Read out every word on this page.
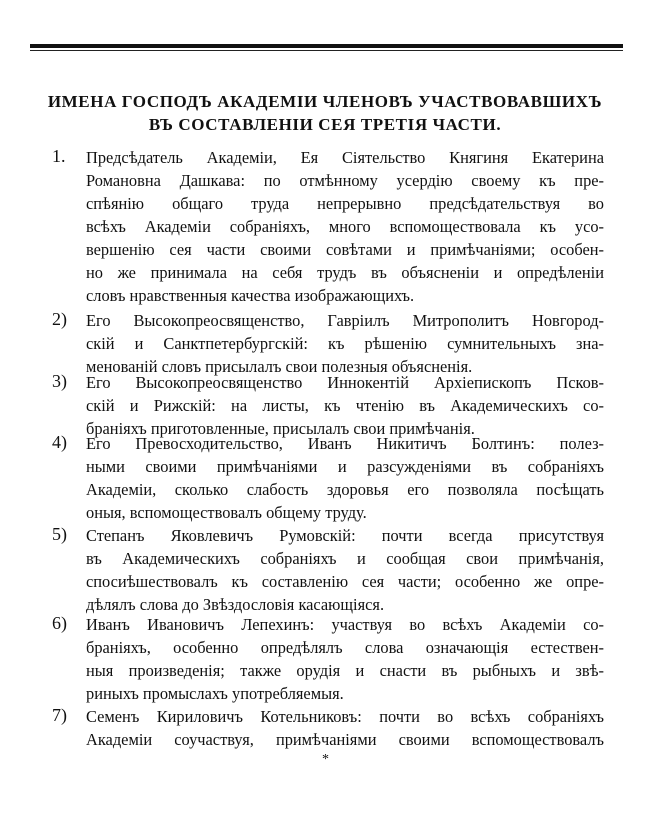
ИМЕНА ГОСПОДЪ АКАДЕМІИ ЧЛЕНОВЪ УЧАСТВОВАВШИХЪ
ВЪ СОСТАВЛЕНІИ СЕЯ ТРЕТІЯ ЧАСТИ.
1. Предсѣдатель Академіи, Ея Сіятельство Княгиня Екатерина
Романовна Дашкава: по отмѣнному усердію своему къ пре-
спѣянію общаго труда непрерывно предсѣдательствуя во
всѣхъ Академіи собраніяхъ, много вспомоществовала къ усо-
вершенію сея части своими совѣтами и примѣчаніями; особен-
но же принимала на себя трудъ въ объясненіи и опредѣленіи
словъ нравственныя качества изображающихъ.
2) Его Высокопреосвященство, Гавріилъ Митрополитъ Новгород-
скій и Санктпетербургскій: къ рѣшенію сумнительныхъ зна-
менованій словъ присылалъ свои полезныя объясненія.
3) Его Высокопреосвященство Иннокентій Архіепископъ Псков-
скій и Рижскій: на листы, къ чтенію въ Академическихъ со-
браніяхъ приготовленные, присылалъ свои примѣчанія.
4) Его Превосходительство, Иванъ Никитичъ Болтинъ: полез-
ными своими примѣчаніями и разсужденіями въ собраніяхъ
Академіи, сколько слабость здоровья его позволяла посѣщать
оныя, вспомоществовалъ общему труду.
5) Степанъ Яковлевичъ Румовскій: почти всегда присутствуя
въ Академическихъ собраніяхъ и сообщая свои примѣчанія,
спосиѣшествовалъ къ составленію сея части; особенно же опре-
дѣлялъ слова до Звѣздословія касающіяся.
6) Иванъ Ивановичъ Лепехинъ: участвуя во всѣхъ Академіи со-
браніяхъ, особенно опредѣлялъ слова означающія естествен-
ныя произведенія; также орудія и снасти въ рыбныхъ и звѣ-
риныхъ промыслахъ употребляемыя.
7) Семенъ Кириловичъ Котельниковъ: почти во всѣхъ собраніяхъ
Академіи соучаствуя, примѣчаніями своими вспомоществовалъ
*
